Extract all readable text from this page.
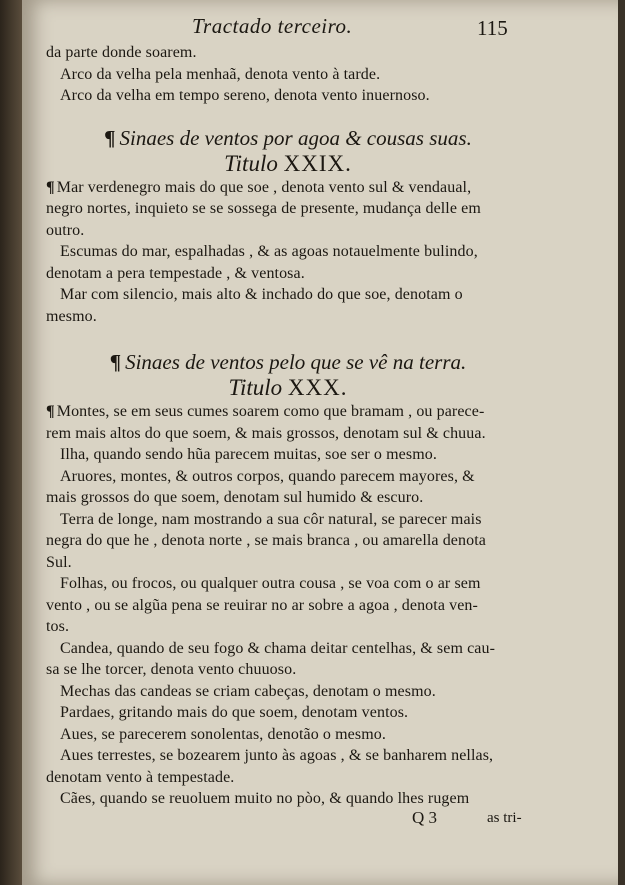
Tractado terceiro.	115
da parte donde soarem.
Arco da velha pela menhaã, denota vento à tarde.
Arco da velha em tempo sereno, denota vento inuernoso.
¶ Sinaes de ventos por agoa & cousas suas.
Titulo XXIX.
¶ Mar verdenegro mais do que soe , denota vento sul & vendaual,
negro nortes, inquieto se se sossega de presente, mudança delle em
outro.
Escumas do mar, espalhadas , & as agoas notauelmente bulindo,
denotam a pera tempestade , & ventosa.
Mar com silencio, mais alto & inchado do que soe, denotam o
mesmo.
¶ Sinaes de ventos pelo que se vê na terra.
Titulo XXX.
¶ Montes, se em seus cumes soarem como que bramam , ou parece-
rem mais altos do que soem, & mais grossos, denotam sul & chuua.
Ilha, quando sendo hũa parecem muitas, soe ser o mesmo.
Aruores, montes, & outros corpos, quando parecem mayores, &
mais grossos do que soem, denotam sul humido & escuro.
Terra de longe, nam mostrando a sua côr natural, se parecer mais
negra do que he , denota norte , se mais branca , ou amarella denota
Sul.
Folhas, ou frocos, ou qualquer outra cousa , se voa com o ar sem
vento , ou se algũa pena se reuirar no ar sobre a agoa , denota ven-
tos.
Candea, quando de seu fogo & chama deitar centelhas, & sem cau-
sa se lhe torcer, denota vento chuuoso.
Mechas das candeas se criam cabeças, denotam o mesmo.
Pardaes, gritando mais do que soem, denotam ventos.
Aues, se parecerem sonolentas, denotão o mesmo.
Aues terrestes, se bozearem junto às agoas , & se banharem nellas,
denotam vento à tempestade.
Cães, quando se reuoluem muito no pòo, & quando lhes rugem
Q 3	as tri-
